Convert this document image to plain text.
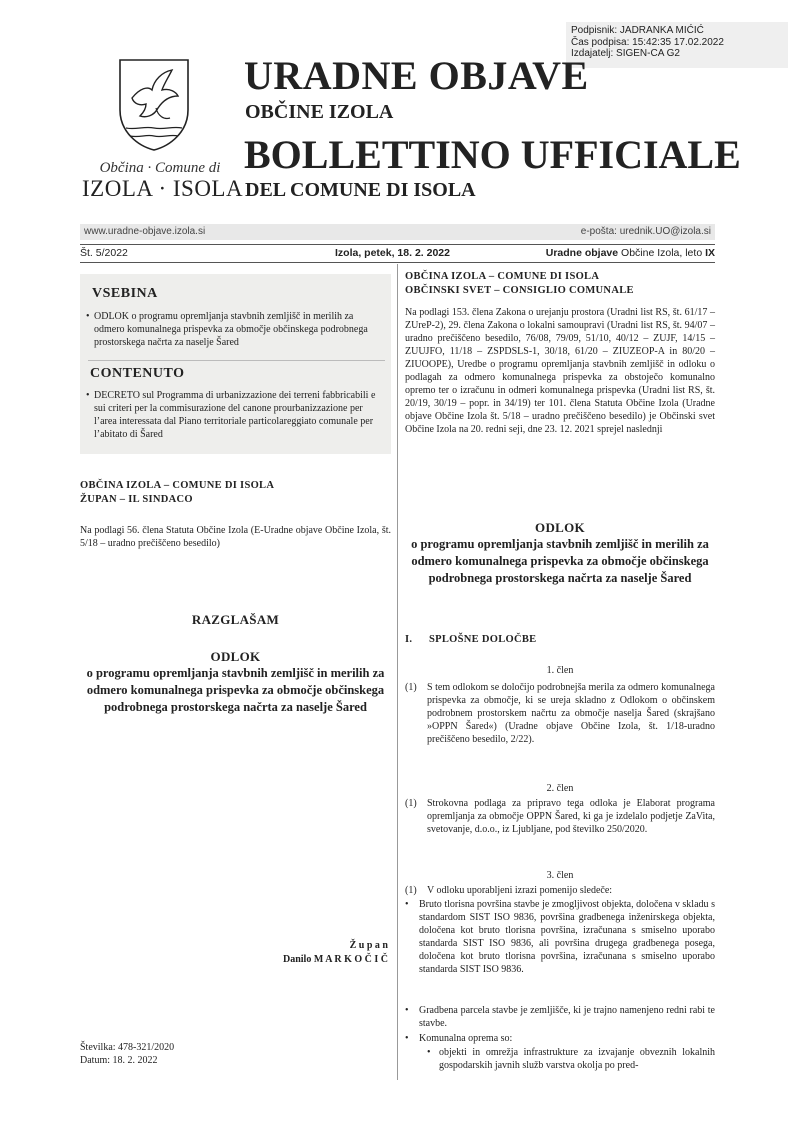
Podpisnik: JADRANKA MIĆIĆ
Čas podpisa: 15:42:35 17.02.2022
Izdajatelj: SIGEN-CA G2
Občina · Comune di
IZOLA · ISOLA
URADNE OBJAVE
OBČINE IZOLA
BOLLETTINO UFFICIALE
DEL COMUNE DI ISOLA
www.uradne-objave.izola.si	e-pošta: urednik.UO@izola.si
Št. 5/2022	Izola, petek, 18. 2. 2022	Uradne objave Občine Izola, leto IX
VSEBINA
• ODLOK o programu opremljanja stavbnih zemljišč in merilih za odmero komunalnega prispevka za območje občinskega podrobnega prostorskega načrta za naselje Šared
CONTENUTO
• DECRETO sul Programma di urbanizzazione dei terreni fabbricabili e sui criteri per la commisurazione del canone prourbanizzazione per l’area interessata dal Piano territoriale particolareggiato comunale per l’abitato di Šared
OBČINA IZOLA – COMUNE DI ISOLA
ŽUPAN – IL SINDACO
Na podlagi 56. člena Statuta Občine Izola (E-Uradne objave Občine Izola, št. 5/18 – uradno prečiščeno besedilo)
RAZGLAŠAM
ODLOK
o programu opremljanja stavbnih zemljišč in merilih za odmero komunalnega prispevka za območje občinskega podrobnega prostorskega načrta za naselje Šared
Ž u p a n
Danilo M A R K O Č I Č
Številka: 478-321/2020
Datum: 18. 2. 2022
OBČINA IZOLA – COMUNE DI ISOLA
OBČINSKI SVET – CONSIGLIO COMUNALE
Na podlagi 153. člena Zakona o urejanju prostora (Uradni list RS, št. 61/17 – ZUreP-2), 29. člena Zakona o lokalni samoupravi (Uradni list RS, št. 94/07 – uradno prečiščeno besedilo, 76/08, 79/09, 51/10, 40/12 – ZUJF, 14/15 – ZUUJFO, 11/18 – ZSPDSLS-1, 30/18, 61/20 – ZIUZEOP-A in 80/20 – ZIUOOPE), Uredbe o programu opremljanja stavbnih zemljišč in odloku o podlagah za odmero komunalnega prispevka za obstoječo komunalno opremo ter o izračunu in odmeri komunalnega prispevka (Uradni list RS, št. 20/19, 30/19 – popr. in 34/19) ter 101. člena Statuta Občine Izola (Uradne objave Občine Izola št. 5/18 – uradno prečiščeno besedilo) je Občinski svet Občine Izola na 20. redni seji, dne 23. 12. 2021 sprejel naslednji
ODLOK
o programu opremljanja stavbnih zemljišč in merilih za odmero komunalnega prispevka za območje občinskega podrobnega prostorskega načrta za naselje Šared
I. SPLOŠNE DOLOČBE
1. člen
(1) S tem odlokom se določijo podrobnejša merila za odmero komunalnega prispevka za območje, ki se ureja skladno z Odlokom o občinskem podrobnem prostorskem načrtu za območje naselja Šared (skrajšano »OPPN Šared«) (Uradne objave Občine Izola, št. 1/18-uradno prečiščeno besedilo, 2/22).
2. člen
(1) Strokovna podlaga za pripravo tega odloka je Elaborat programa opremljanja za območje OPPN Šared, ki ga je izdelalo podjetje ZaVita, svetovanje, d.o.o., iz Ljubljane, pod številko 250/2020.
3. člen
(1) V odloku uporabljeni izrazi pomenijo sledeče:
• Bruto tlorisna površina stavbe je zmogljivost objekta, določena v skladu s standardom SIST ISO 9836, površina gradbenega inženirskega objekta, določena kot bruto tlorisna površina, izračunana s smiselno uporabo standarda SIST ISO 9836, ali površina drugega gradbenega posega, določena kot bruto tlorisna površina, izračunana s smiselno uporabo standarda SIST ISO 9836.
• Gradbena parcela stavbe je zemljišče, ki je trajno namenjeno redni rabi te stavbe.
• Komunalna oprema so:
• objekti in omrežja infrastrukture za izvajanje obveznih lokalnih gospodarskih javnih služb varstva okolja po pred-
